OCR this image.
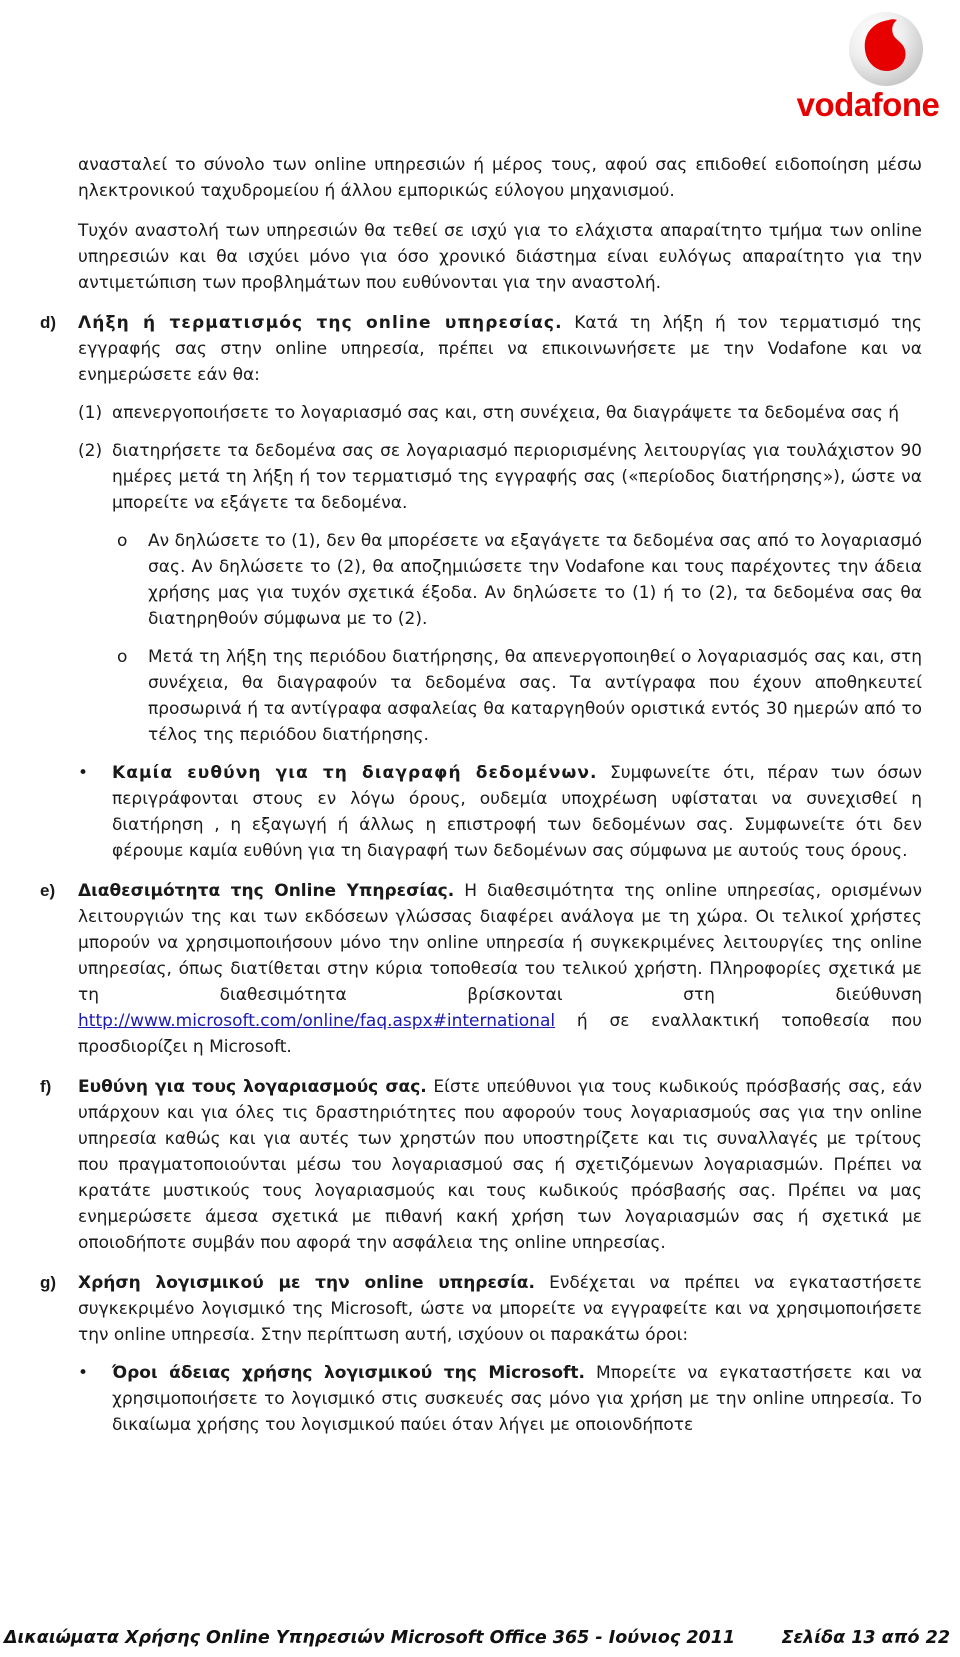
vodafone

ανασταλεί το σύνολο των online υπηρεσιών ή μέρος τους, αφού σας επιδοθεί ειδοποίηση μέσω ηλεκτρονικού ταχυδρομείου ή άλλου εμπορικώς εύλογου μηχανισμού.

Τυχόν αναστολή των υπηρεσιών θα τεθεί σε ισχύ για το ελάχιστα απαραίτητο τμήμα των online υπηρεσιών και θα ισχύει μόνο για όσο χρονικό διάστημα είναι ευλόγως απαραίτητο για την αντιμετώπιση των προβλημάτων που ευθύνονται για την αναστολή.

d) Λήξη ή τερματισμός της online υπηρεσίας. Κατά τη λήξη ή τον τερματισμό της εγγραφής σας στην online υπηρεσία, πρέπει να επικοινωνήσετε με την Vodafone και να ενημερώσετε εάν θα:
(1) απενεργοποιήσετε το λογαριασμό σας και, στη συνέχεια, θα διαγράψετε τα δεδομένα σας ή
(2) διατηρήσετε τα δεδομένα σας σε λογαριασμό περιορισμένης λειτουργίας για τουλάχιστον 90 ημέρες μετά τη λήξη ή τον τερματισμό της εγγραφής σας («περίοδος διατήρησης»), ώστε να μπορείτε να εξάγετε τα δεδομένα.
o Αν δηλώσετε το (1), δεν θα μπορέσετε να εξαγάγετε τα δεδομένα σας από το λογαριασμό σας. Αν δηλώσετε το (2), θα αποζημιώσετε την Vodafone και τους παρέχοντες την άδεια χρήσης μας για τυχόν σχετικά έξοδα. Αν δηλώσετε το (1) ή το (2), τα δεδομένα σας θα διατηρηθούν σύμφωνα με το (2).
o Μετά τη λήξη της περιόδου διατήρησης, θα απενεργοποιηθεί ο λογαριασμός σας και, στη συνέχεια, θα διαγραφούν τα δεδομένα σας. Τα αντίγραφα που έχουν αποθηκευτεί προσωρινά ή τα αντίγραφα ασφαλείας θα καταργηθούν οριστικά εντός 30 ημερών από το τέλος της περιόδου διατήρησης.
• Καμία ευθύνη για τη διαγραφή δεδομένων. Συμφωνείτε ότι, πέραν των όσων περιγράφονται στους εν λόγω όρους, ουδεμία υποχρέωση υφίσταται να συνεχισθεί η διατήρηση , η εξαγωγή ή άλλως η επιστροφή των δεδομένων σας. Συμφωνείτε ότι δεν φέρουμε καμία ευθύνη για τη διαγραφή των δεδομένων σας σύμφωνα με αυτούς τους όρους.
e) Διαθεσιμότητα της Online Υπηρεσίας. Η διαθεσιμότητα της online υπηρεσίας, ορισμένων λειτουργιών της και των εκδόσεων γλώσσας διαφέρει ανάλογα με τη χώρα. Οι τελικοί χρήστες μπορούν να χρησιμοποιήσουν μόνο την online υπηρεσία ή συγκεκριμένες λειτουργίες της online υπηρεσίας, όπως διατίθεται στην κύρια τοποθεσία του τελικού χρήστη. Πληροφορίες σχετικά με τη διαθεσιμότητα βρίσκονται στη διεύθυνση http://www.microsoft.com/online/faq.aspx#international ή σε εναλλακτική τοποθεσία που προσδιορίζει η Microsoft.
f) Ευθύνη για τους λογαριασμούς σας. Είστε υπεύθυνοι για τους κωδικούς πρόσβασής σας, εάν υπάρχουν και για όλες τις δραστηριότητες που αφορούν τους λογαριασμούς σας για την online υπηρεσία καθώς και για αυτές των χρηστών που υποστηρίζετε και τις συναλλαγές με τρίτους που πραγματοποιούνται μέσω του λογαριασμού σας ή σχετιζόμενων λογαριασμών. Πρέπει να κρατάτε μυστικούς τους λογαριασμούς και τους κωδικούς πρόσβασής σας. Πρέπει να μας ενημερώσετε άμεσα σχετικά με πιθανή κακή χρήση των λογαριασμών σας ή σχετικά με οποιοδήποτε συμβάν που αφορά την ασφάλεια της online υπηρεσίας.
g) Χρήση λογισμικού με την online υπηρεσία. Ενδέχεται να πρέπει να εγκαταστήσετε συγκεκριμένο λογισμικό της Microsoft, ώστε να μπορείτε να εγγραφείτε και να χρησιμοποιήσετε την online υπηρεσία. Στην περίπτωση αυτή, ισχύουν οι παρακάτω όροι:
• Όροι άδειας χρήσης λογισμικού της Microsoft. Μπορείτε να εγκαταστήσετε και να χρησιμοποιήσετε το λογισμικό στις συσκευές σας μόνο για χρήση με την online υπηρεσία. Το δικαίωμα χρήσης του λογισμικού παύει όταν λήγει με οποιονδήποτε
Δικαιώματα Χρήσης Online Υπηρεσιών Microsoft Office 365 - Ιούνιος 2011	Σελίδα 13 από 22
